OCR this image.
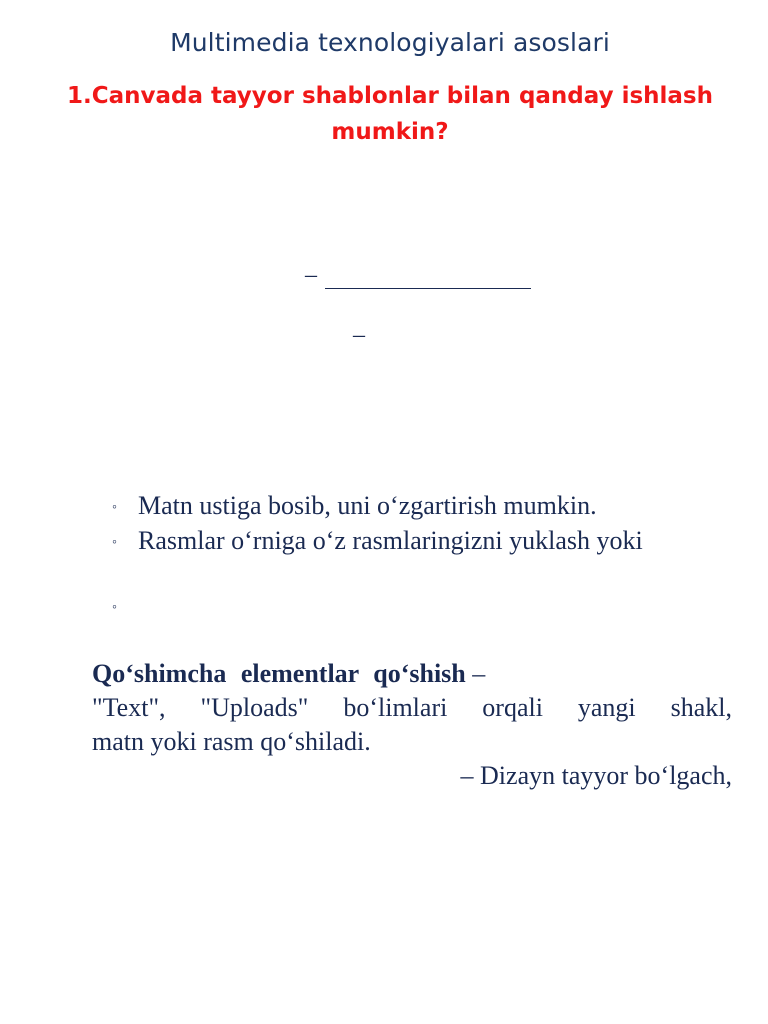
Multimedia texnologiyalari asoslari
1.Canvada tayyor shablonlar bilan qanday ishlash
mumkin?
–
–
◦ Matn ustiga bosib, uni o‘zgartirish mumkin.
◦ Rasmlar o‘rniga o‘z rasmlaringizni yuklash yoki
◦
Qo‘shimcha elementlar qo‘shish –
"Text", "Uploads" bo‘limlari orqali yangi shakl,
matn yoki rasm qo‘shiladi.
– Dizayn tayyor bo‘lgach,
